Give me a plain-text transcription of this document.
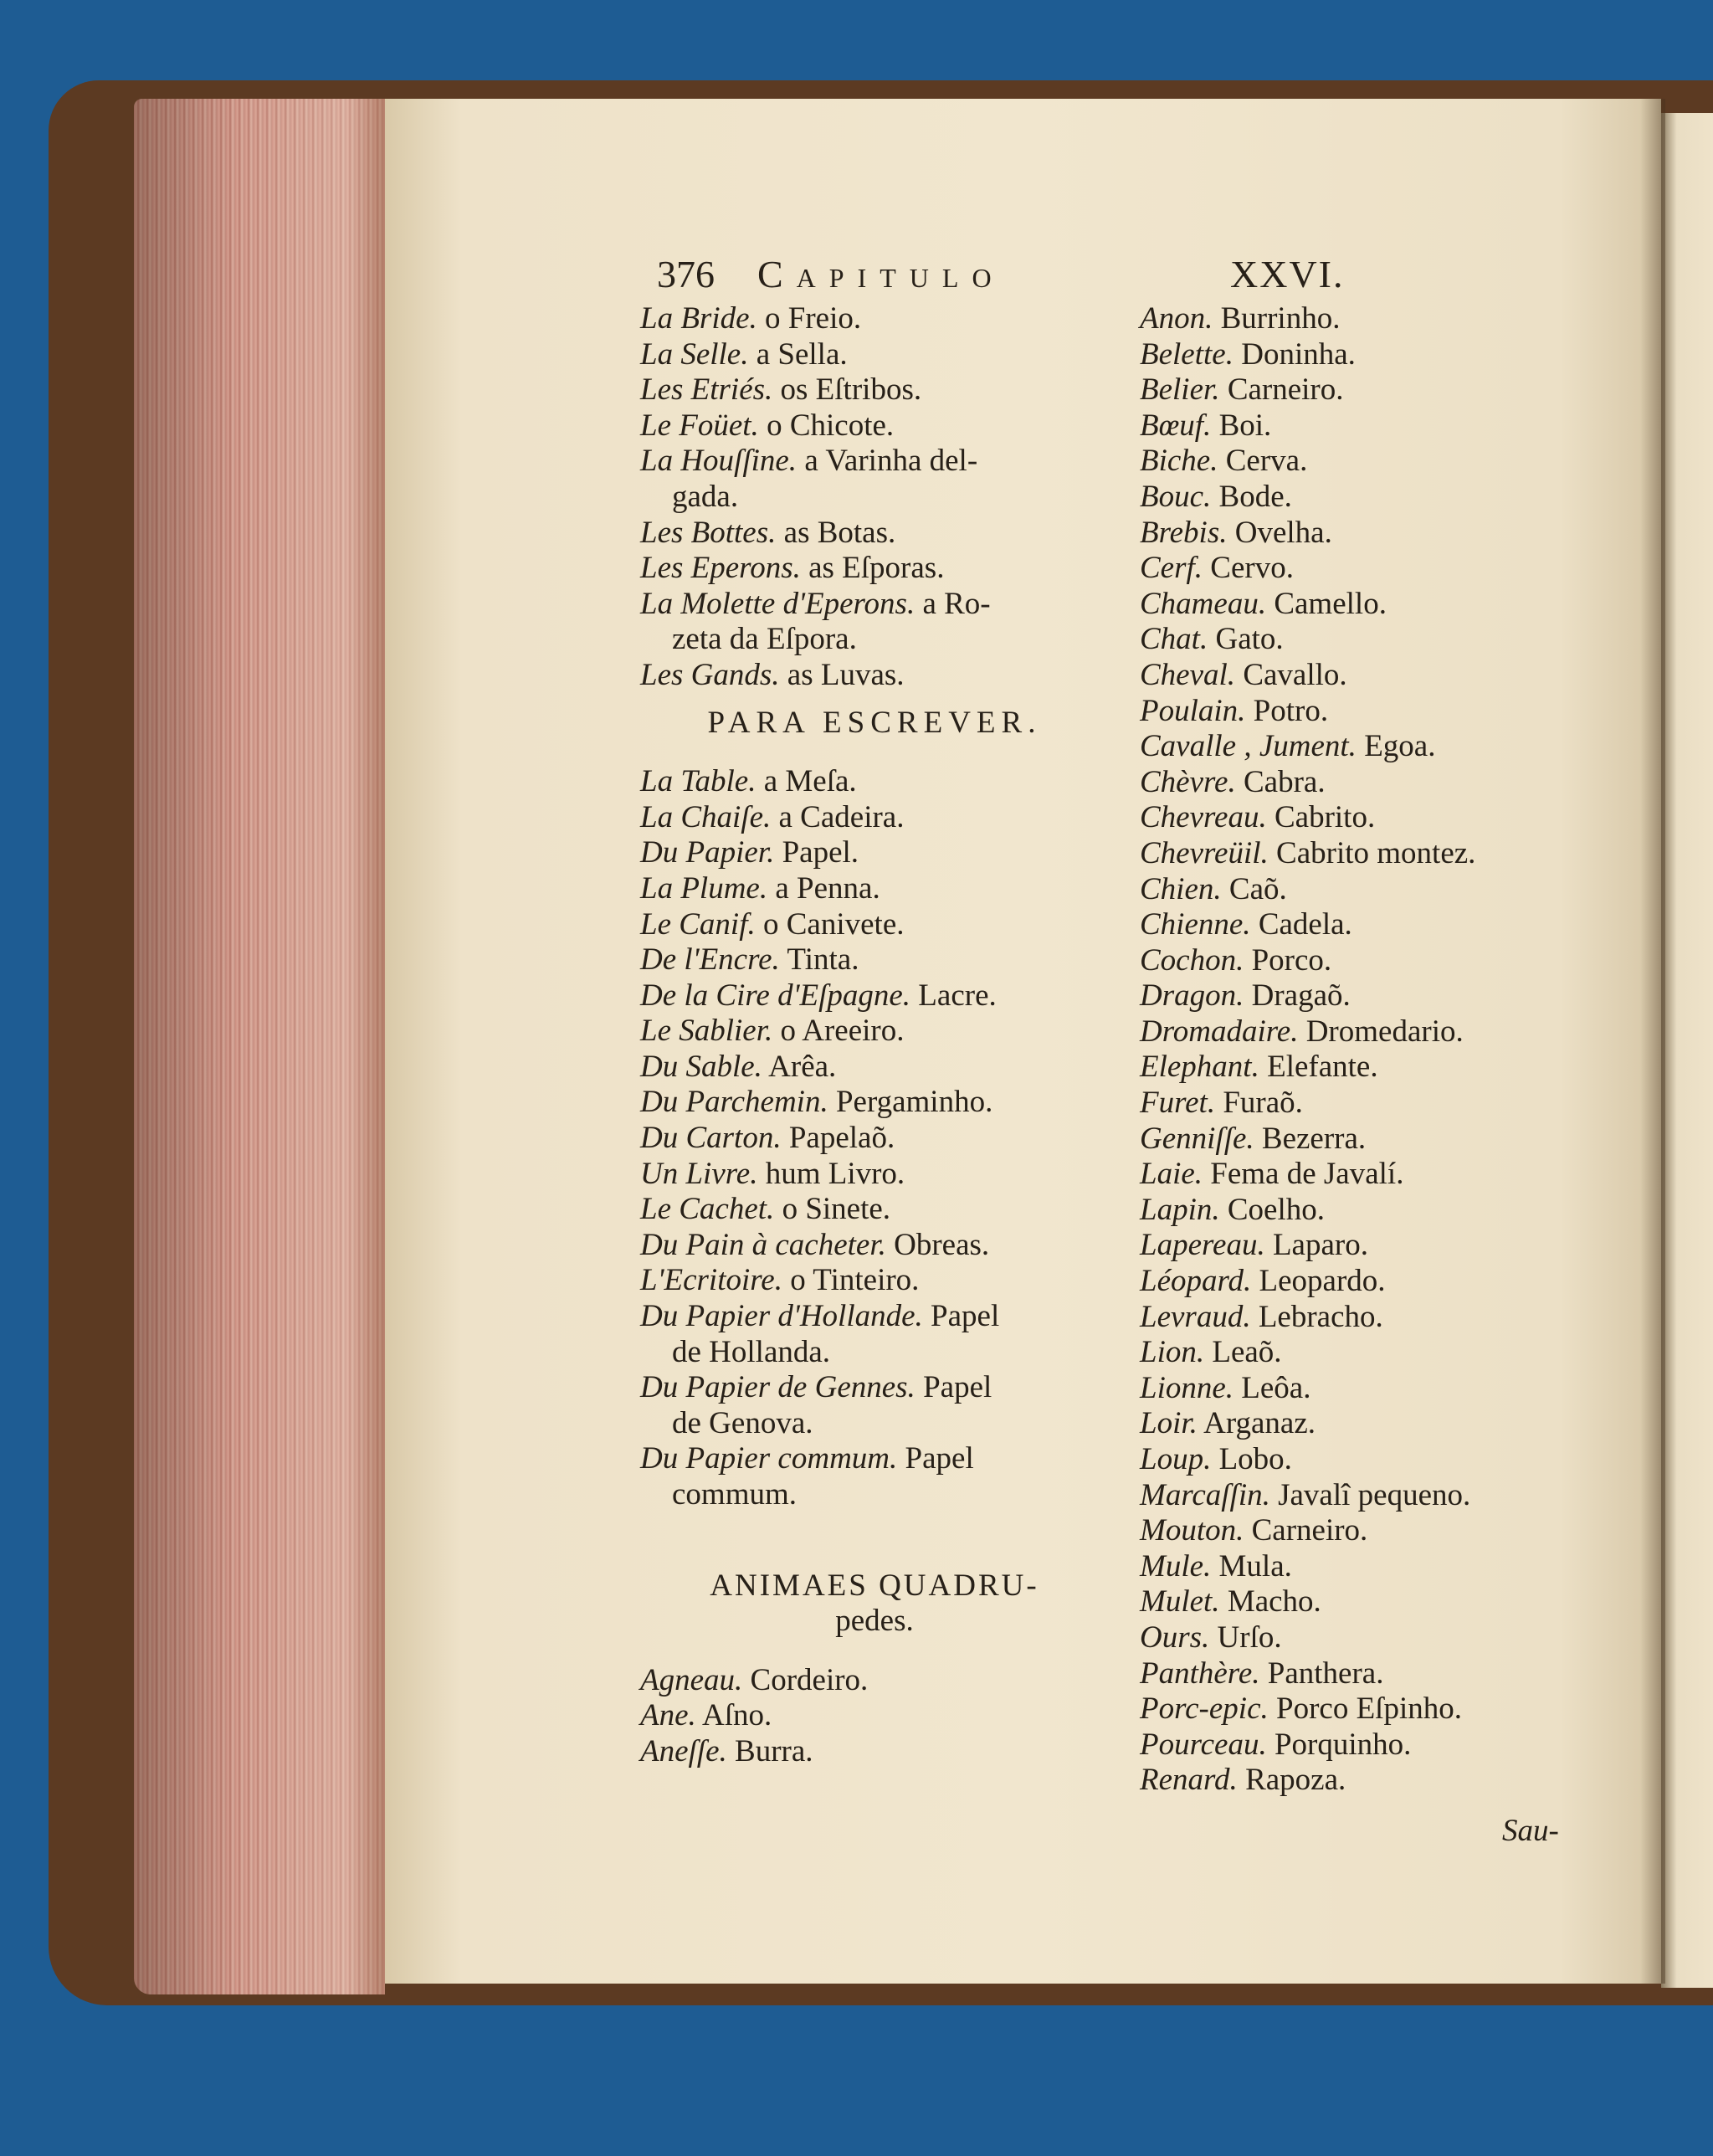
376 Capitulo	XXVI.
La Bride. o Freio.
La Selle. a Sella.
Les Etriés. os Eſtribos.
Le Foüet. o Chicote.
La Houſſine. a Varinha del-
gada.
Les Bottes. as Botas.
Les Eperons. as Eſporas.
La Molette d'Eperons. a Ro-
zeta da Eſpora.
Les Gands. as Luvas.
PARA ESCREVER.
La Table. a Meſa.
La Chaiſe. a Cadeira.
Du Papier. Papel.
La Plume. a Penna.
Le Canif. o Canivete.
De l'Encre. Tinta.
De la Cire d'Eſpagne. Lacre.
Le Sablier. o Areeiro.
Du Sable. Arêa.
Du Parchemin. Pergaminho.
Du Carton. Papelaõ.
Un Livre. hum Livro.
Le Cachet. o Sinete.
Du Pain à cacheter. Obreas.
L'Ecritoire. o Tinteiro.
Du Papier d'Hollande. Papel
de Hollanda.
Du Papier de Gennes. Papel
de Genova.
Du Papier commum. Papel
commum.
ANIMAES QUADRU-
pedes.
Agneau. Cordeiro.
Ane. Aſno.
Aneſſe. Burra.
Anon. Burrinho.
Belette. Doninha.
Belier. Carneiro.
Bœuf. Boi.
Biche. Cerva.
Bouc. Bode.
Brebis. Ovelha.
Cerf. Cervo.
Chameau. Camello.
Chat. Gato.
Cheval. Cavallo.
Poulain. Potro.
Cavalle , Jument. Egoa.
Chèvre. Cabra.
Chevreau. Cabrito.
Chevreüil. Cabrito montez.
Chien. Caõ.
Chienne. Cadela.
Cochon. Porco.
Dragon. Dragaõ.
Dromadaire. Dromedario.
Elephant. Elefante.
Furet. Furaõ.
Genniſſe. Bezerra.
Laie. Fema de Javalí.
Lapin. Coelho.
Lapereau. Laparo.
Léopard. Leopardo.
Levraud. Lebracho.
Lion. Leaõ.
Lionne. Leôa.
Loir. Arganaz.
Loup. Lobo.
Marcaſſin. Javalî pequeno.
Mouton. Carneiro.
Mule. Mula.
Mulet. Macho.
Ours. Urſo.
Panthère. Panthera.
Porc-epic. Porco Eſpinho.
Pourceau. Porquinho.
Renard. Rapoza.
Sau-
